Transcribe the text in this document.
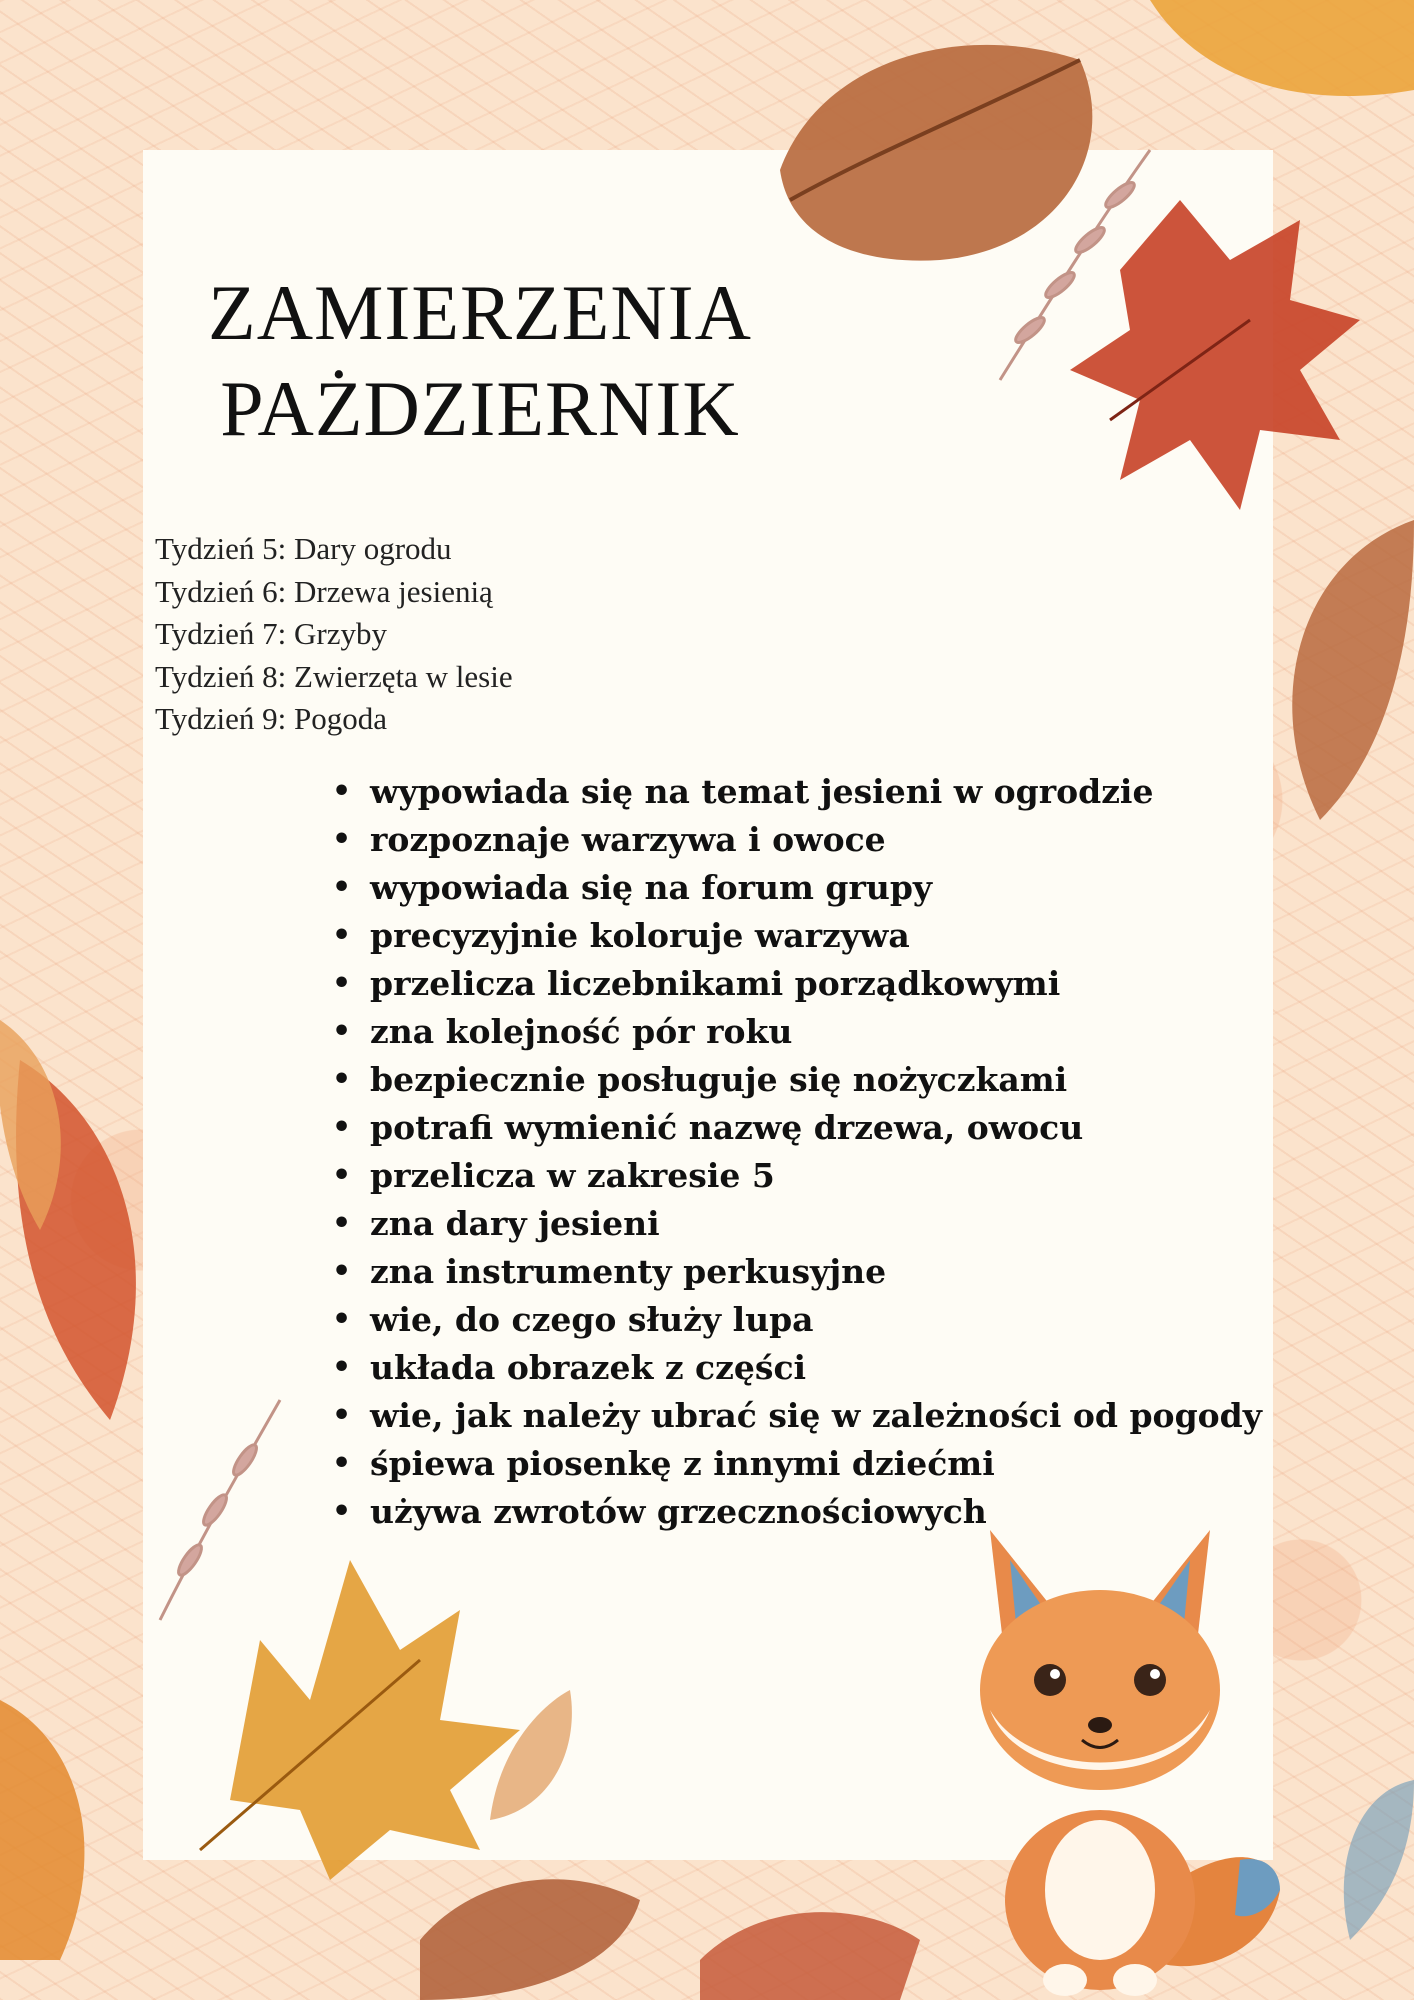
ZAMIERZENIA
PAŻDZIERNIK
Tydzień 5: Dary ogrodu
Tydzień 6: Drzewa jesienią
Tydzień 7: Grzyby
Tydzień 8: Zwierzęta w lesie
Tydzień 9: Pogoda
• wypowiada się na temat jesieni w ogrodzie
• rozpoznaje warzywa i owoce
• wypowiada się na forum grupy
• precyzyjnie koloruje warzywa
• przelicza liczebnikami porządkowymi
• zna kolejność pór roku
• bezpiecznie posługuje się nożyczkami
• potrafi wymienić nazwę drzewa, owocu
• przelicza w zakresie 5
• zna dary jesieni
• zna instrumenty perkusyjne
• wie, do czego służy lupa
• układa obrazek z części
• wie, jak należy ubrać się w zależności od pogody
• śpiewa piosenkę z innymi dziećmi
• używa zwrotów grzecznościowych
